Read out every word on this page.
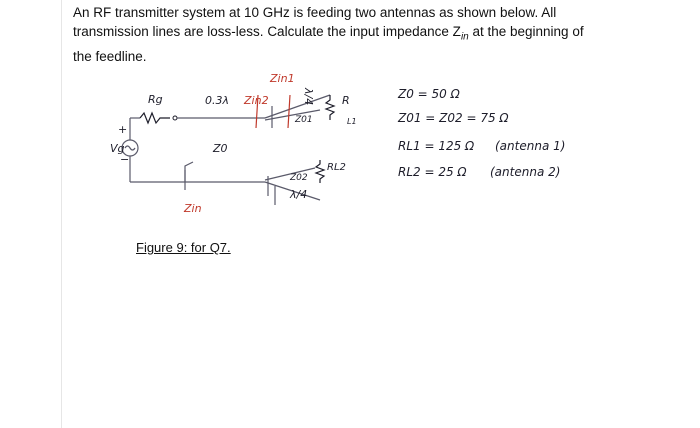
An RF transmitter system at 10 GHz is feeding two antennas as shown below. All
transmission lines are loss-less. Calculate the input impedance $Z_{in}$ at the beginning of
the feedline.
Vg
+
−
Rg	0.3λ
Z0
Zin
Zin2
Zin1
λ/4
λ/4
Z01
Z02
R
L1
RL2
Z0 = 50 Ω
Z01 = Z02 = 75 Ω
RL1 = 125 Ω (antenna 1)
RL2 = 25 Ω (antenna 2)
Figure 9: for Q7.
